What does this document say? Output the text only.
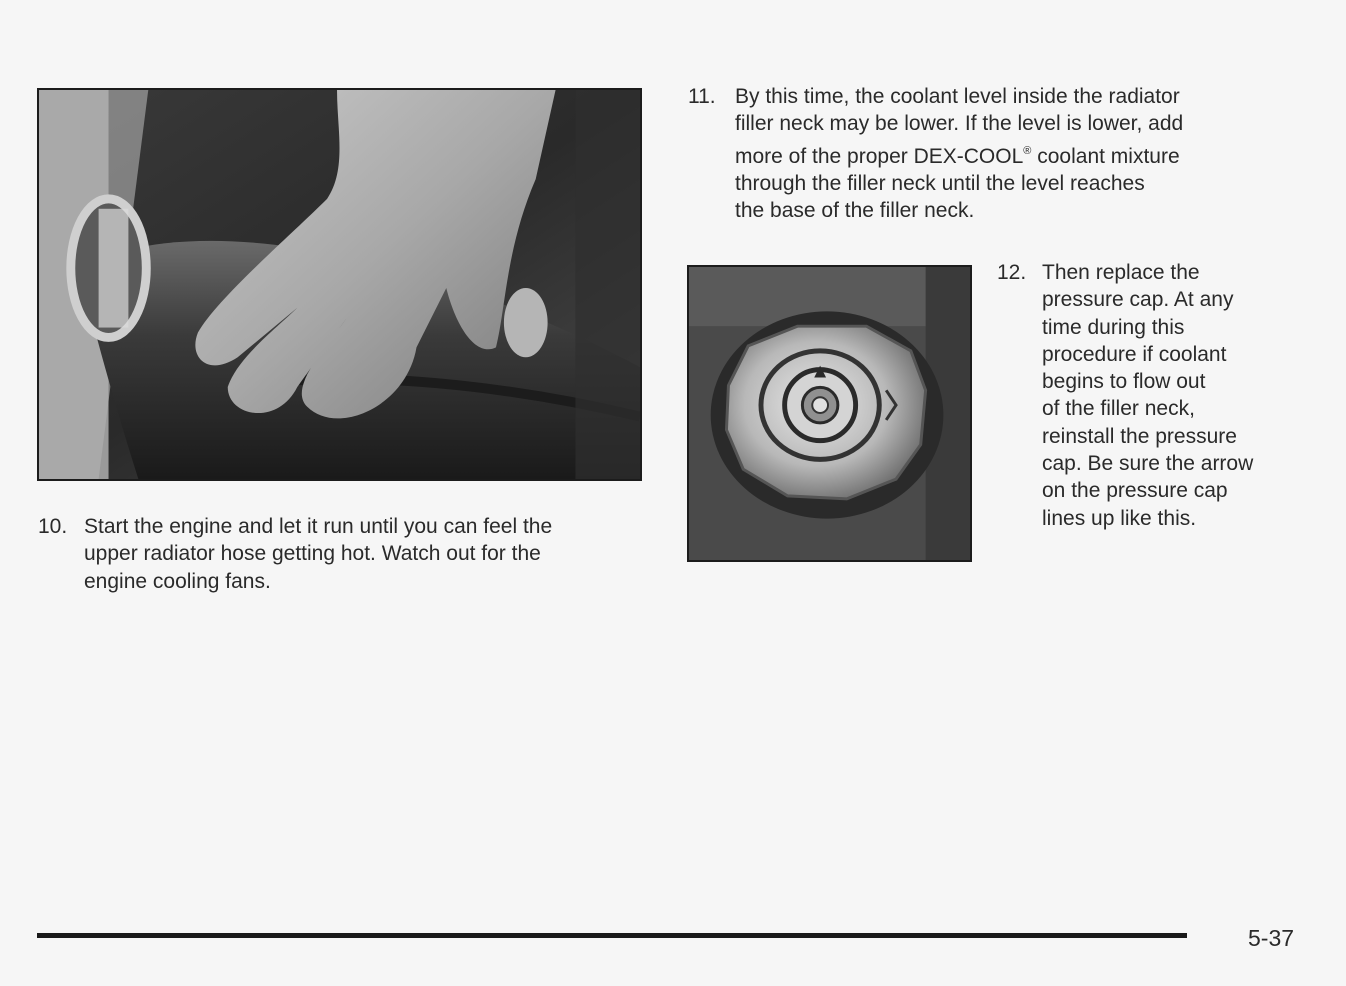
10. Start the engine and let it run until you can feel the
upper radiator hose getting hot. Watch out for the
engine cooling fans.
11. By this time, the coolant level inside the radiator
filler neck may be lower. If the level is lower, add
more of the proper DEX-COOL® coolant mixture
through the filler neck until the level reaches
the base of the filler neck.
12. Then replace the
pressure cap. At any
time during this
procedure if coolant
begins to flow out
of the filler neck,
reinstall the pressure
cap. Be sure the arrow
on the pressure cap
lines up like this.
5-37
